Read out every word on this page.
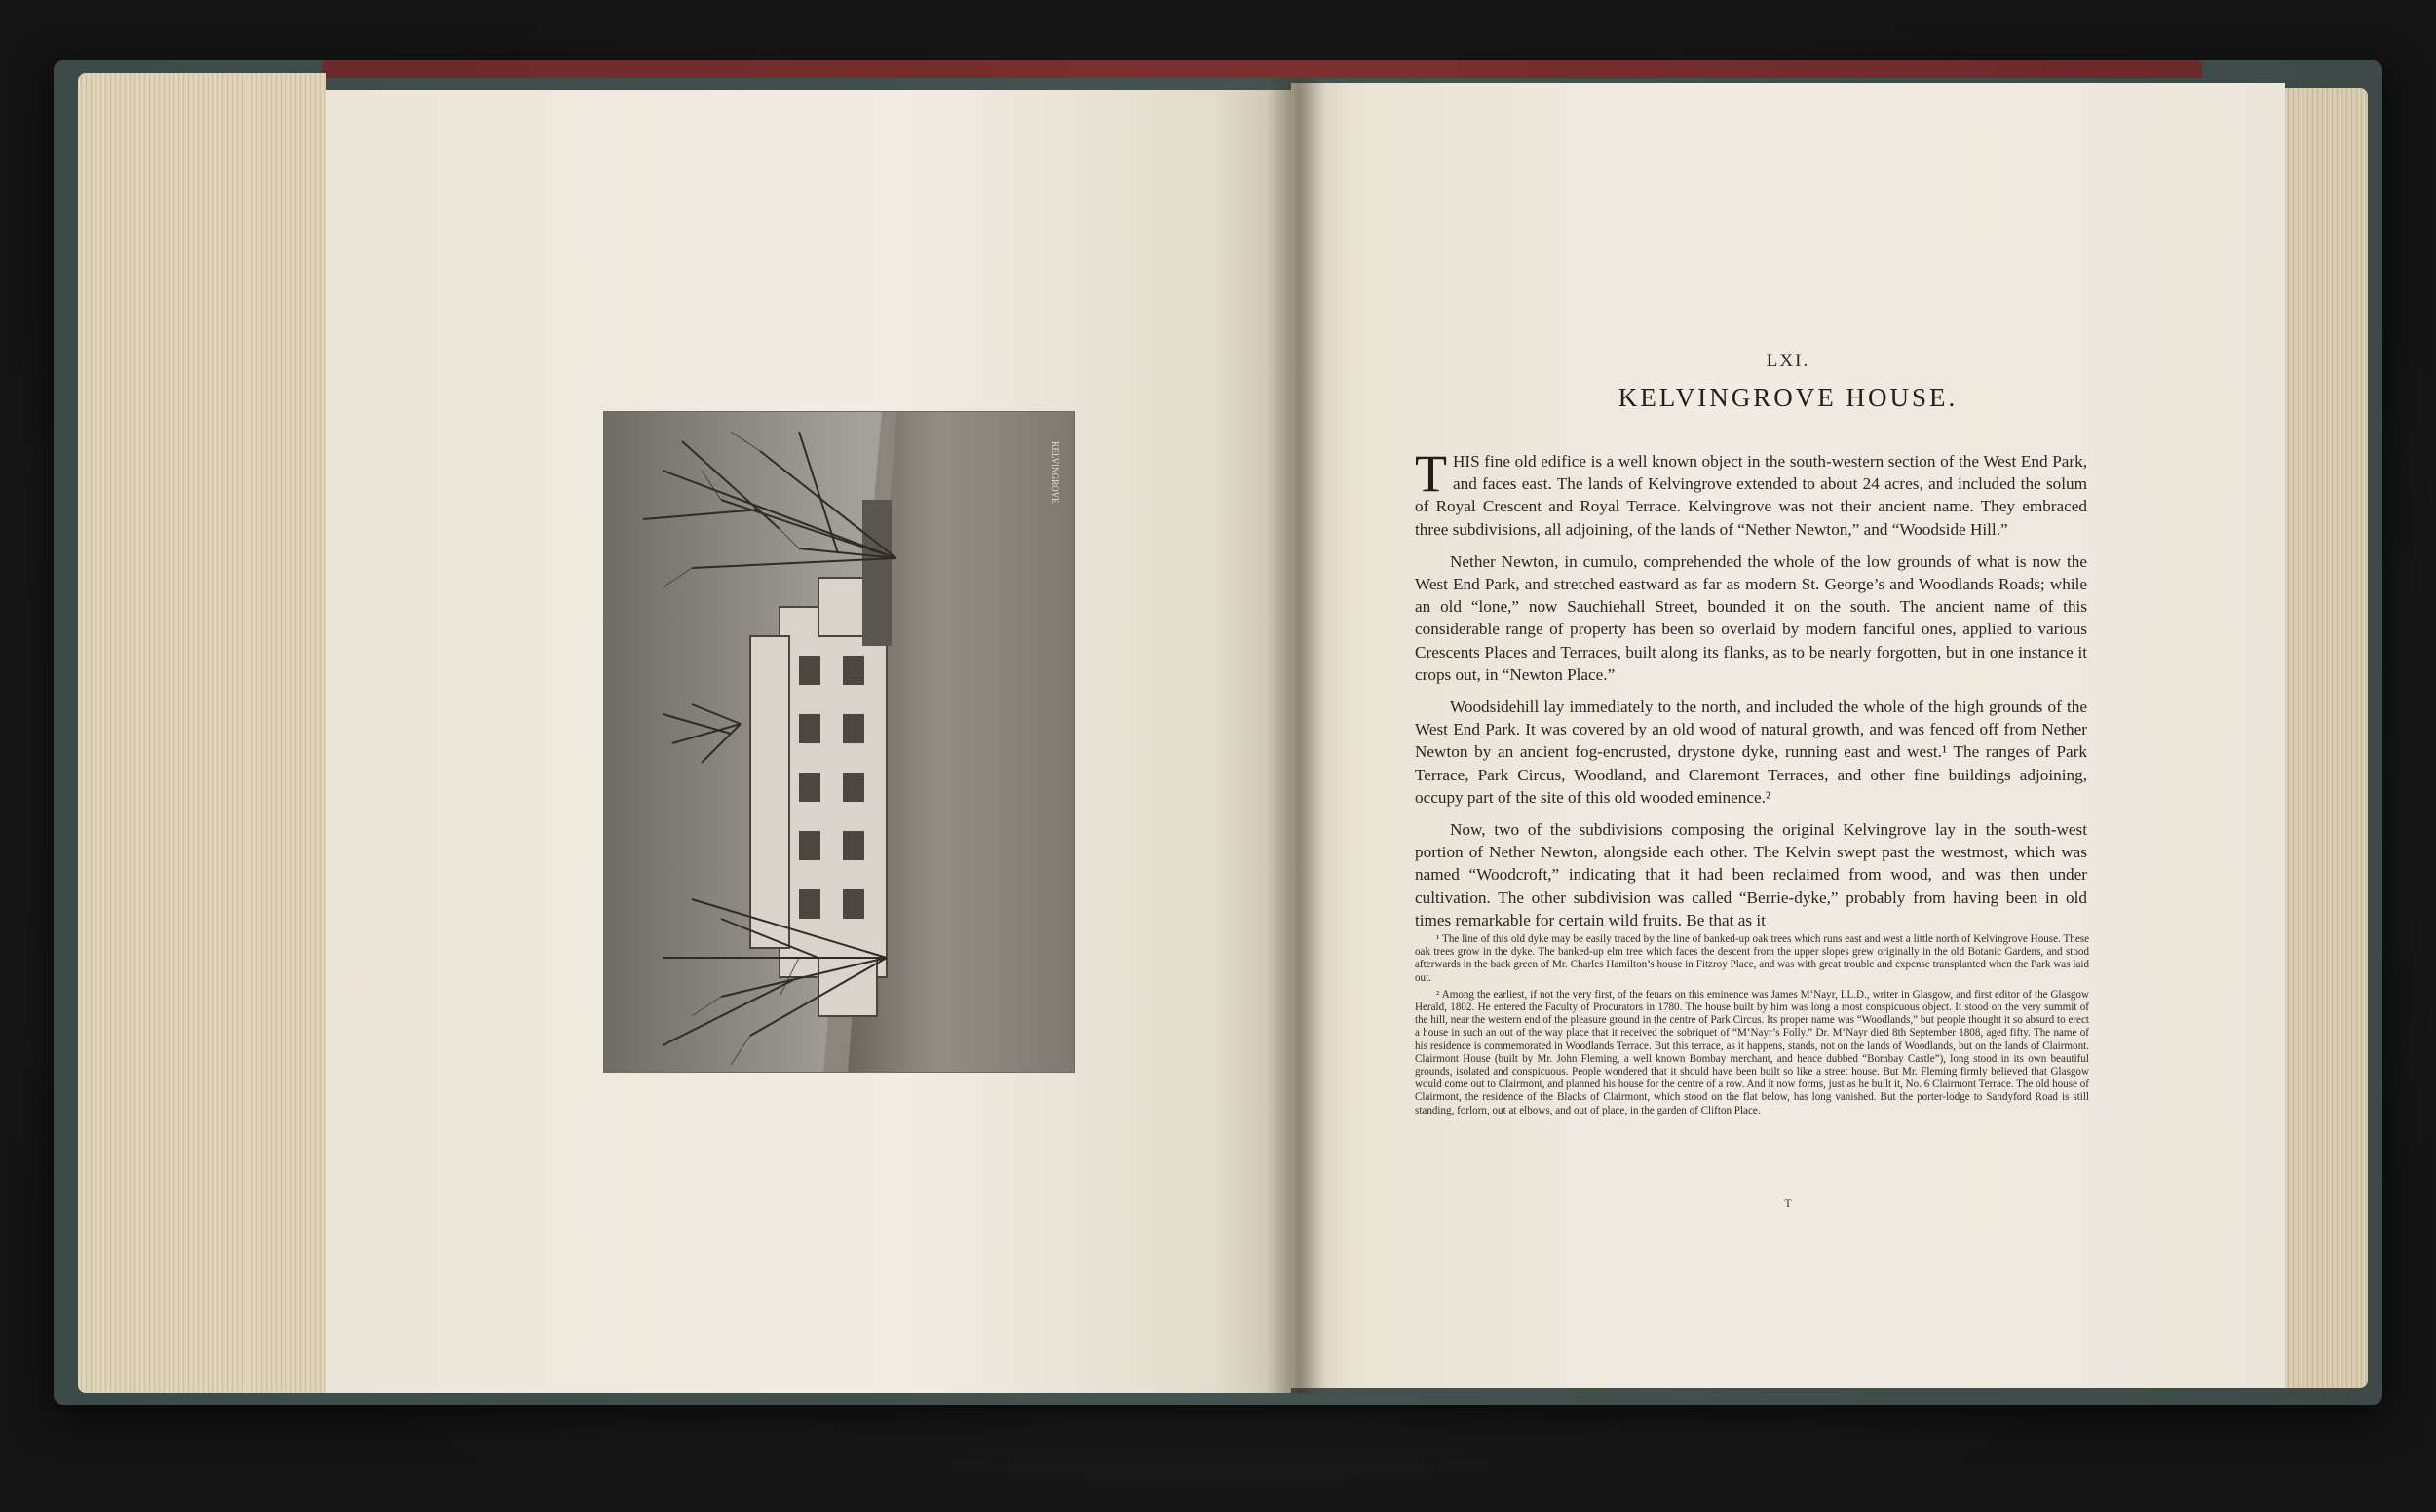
KELVINGROVE
LXI.
KELVINGROVE HOUSE.

THIS fine old edifice is a well known object in the south-western section of the West End Park, and faces east. The lands of Kelvingrove extended to about 24 acres, and included the solum of Royal Crescent and Royal Terrace. Kelvingrove was not their ancient name. They embraced three subdivisions, all adjoining, of the lands of “Nether Newton,” and “Woodside Hill.”

Nether Newton, in cumulo, comprehended the whole of the low grounds of what is now the West End Park, and stretched eastward as far as modern St. George’s and Woodlands Roads; while an old “lone,” now Sauchiehall Street, bounded it on the south. The ancient name of this considerable range of property has been so overlaid by modern fanciful ones, applied to various Crescents Places and Terraces, built along its flanks, as to be nearly forgotten, but in one instance it crops out, in “Newton Place.”

Woodsidehill lay immediately to the north, and included the whole of the high grounds of the West End Park. It was covered by an old wood of natural growth, and was fenced off from Nether Newton by an ancient fog-encrusted, drystone dyke, running east and west.¹ The ranges of Park Terrace, Park Circus, Woodland, and Claremont Terraces, and other fine buildings adjoining, occupy part of the site of this old wooded eminence.²

Now, two of the subdivisions composing the original Kelvingrove lay in the south-west portion of Nether Newton, alongside each other. The Kelvin swept past the westmost, which was named “Woodcroft,” indicating that it had been reclaimed from wood, and was then under cultivation. The other subdivision was called “Berrie-dyke,” probably from having been in old times remarkable for certain wild fruits. Be that as it

¹ The line of this old dyke may be easily traced by the line of banked-up oak trees which runs east and west a little north of Kelvingrove House. These oak trees grow in the dyke. The banked-up elm tree which faces the descent from the upper slopes grew originally in the old Botanic Gardens, and stood afterwards in the back green of Mr. Charles Hamilton’s house in Fitzroy Place, and was with great trouble and expense transplanted when the Park was laid out.

² Among the earliest, if not the very first, of the feuars on this eminence was James M‘Nayr, LL.D., writer in Glasgow, and first editor of the Glasgow Herald, 1802. He entered the Faculty of Procurators in 1780. The house built by him was long a most conspicuous object. It stood on the very summit of the hill, near the western end of the pleasure ground in the centre of Park Circus. Its proper name was “Woodlands,” but people thought it so absurd to erect a house in such an out of the way place that it received the sobriquet of “M‘Nayr’s Folly.” Dr. M‘Nayr died 8th September 1808, aged fifty. The name of his residence is commemorated in Woodlands Terrace. But this terrace, as it happens, stands, not on the lands of Woodlands, but on the lands of Clairmont. Clairmont House (built by Mr. John Fleming, a well known Bombay merchant, and hence dubbed “Bombay Castle”), long stood in its own beautiful grounds, isolated and conspicuous. People wondered that it should have been built so like a street house. But Mr. Fleming firmly believed that Glasgow would come out to Clairmont, and planned his house for the centre of a row. And it now forms, just as he built it, No. 6 Clairmont Terrace. The old house of Clairmont, the residence of the Blacks of Clairmont, which stood on the flat below, has long vanished. But the porter-lodge to Sandyford Road is still standing, forlorn, out at elbows, and out of place, in the garden of Clifton Place.

T
